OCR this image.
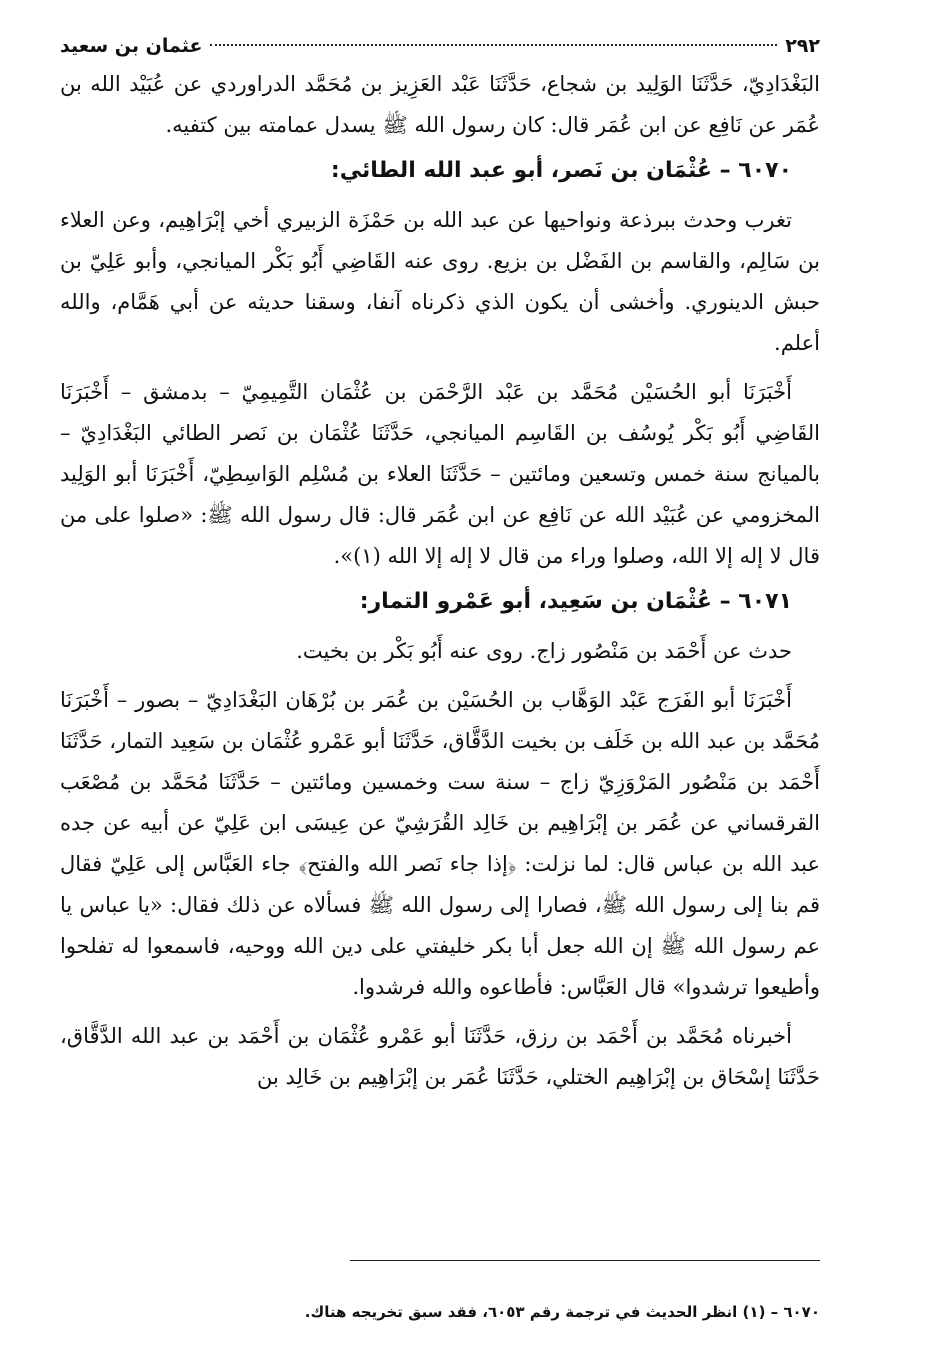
٢٩٢
عثمان بن سعيد

البَغْدَادِيّ، حَدَّثَنَا الوَلِيد بن شجاع، حَدَّثَنَا عَبْد العَزِيز بن مُحَمَّد الدراوردي عن عُبَيْد الله بن عُمَر عن نَافِع عن ابن عُمَر قال: كان رسول الله ﷺ يسدل عمامته بين كتفيه.

٦٠٧٠ – عُثْمَان بن نَصر، أبو عبد الله الطائي:

تغرب وحدث ببرذعة ونواحيها عن عبد الله بن حَمْزَة الزبيري أخي إبْرَاهِيم، وعن العلاء بن سَالِم، والقاسم بن الفَضْل بن بزيع. روى عنه القَاضِي أَبُو بَكْر الميانجي، وأبو عَلِيّ بن حبش الدينوري. وأخشى أن يكون الذي ذكرناه آنفا، وسقنا حديثه عن أبي هَمَّام، والله أعلم.

أَخْبَرَنَا أبو الحُسَيْن مُحَمَّد بن عَبْد الرَّحْمَن بن عُثْمَان التَّمِيمِيّ – بدمشق – أَخْبَرَنَا القَاضِي أَبُو بَكْر يُوسُف بن القَاسِم الميانجي، حَدَّثَنَا عُثْمَان بن نَصر الطائي البَغْدَادِيّ – بالميانج سنة خمس وتسعين ومائتين – حَدَّثَنَا العلاء بن مُسْلِم الوَاسِطِيّ، أَخْبَرَنَا أبو الوَلِيد المخزومي عن عُبَيْد الله عن نَافِع عن ابن عُمَر قال: قال رسول الله ﷺ: «صلوا على من قال لا إله إلا الله، وصلوا وراء من قال لا إله إلا الله (١)».

٦٠٧١ – عُثْمَان بن سَعِيد، أبو عَمْرو التمار:

حدث عن أَحْمَد بن مَنْصُور زاج. روى عنه أَبُو بَكْر بن بخيت.

أَخْبَرَنَا أبو الفَرَج عَبْد الوَهَّاب بن الحُسَيْن بن عُمَر بن بُرْهَان البَغْدَادِيّ – بصور – أَخْبَرَنَا مُحَمَّد بن عبد الله بن خَلَف بن بخيت الدَّقَّاق، حَدَّثَنَا أبو عَمْرو عُثْمَان بن سَعِيد التمار، حَدَّثَنَا أَحْمَد بن مَنْصُور المَرْوَزِيّ زاج – سنة ست وخمسين ومائتين – حَدَّثَنَا مُحَمَّد بن مُصْعَب القرقساني عن عُمَر بن إبْرَاهِيم بن خَالِد القُرَشِيّ عن عِيسَى ابن عَلِيّ عن أبيه عن جده عبد الله بن عباس قال: لما نزلت: ﴿إذا جاء نَصر الله والفتح﴾ جاء العَبَّاس إلى عَلِيّ فقال قم بنا إلى رسول الله ﷺ، فصارا إلى رسول الله ﷺ فسألاه عن ذلك فقال: «يا عباس يا عم رسول الله ﷺ إن الله جعل أبا بكر خليفتي على دين الله ووحيه، فاسمعوا له تفلحوا وأطيعوا ترشدوا» قال العَبَّاس: فأطاعوه والله فرشدوا.

أخبرناه مُحَمَّد بن أَحْمَد بن رزق، حَدَّثَنَا أبو عَمْرو عُثْمَان بن أَحْمَد بن عبد الله الدَّقَّاق، حَدَّثَنَا إسْحَاق بن إبْرَاهِيم الختلي، حَدَّثَنَا عُمَر بن إبْرَاهِيم بن خَالِد بن

٦٠٧٠ – (١) انظر الحديث في ترجمة رقم ٦٠٥٣، فقد سبق تخريجه هناك.
